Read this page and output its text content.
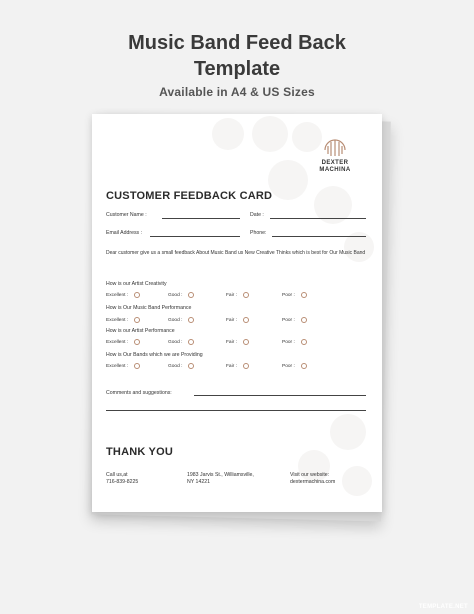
Music Band Feed Back
Template
Available in A4 & US Sizes
DEXTER
MACHINA
CUSTOMER FEEDBACK CARD
Customer Name :	Date :
Email Address :	Phone:
Dear customer give us a small feedback About Music Band us New Creative Thinks which is best for Our Music Band
How is our Artist Creativity
Excellent :	Good :	Fair :	Poor :
How is Our Music Band Performance
Excellent :	Good :	Fair :	Poor :
How is our Artist Performance
Excellent :	Good :	Fair :	Poor :
How is Our Bands which we are Providing
Excellent :	Good :	Fair :	Poor :
Comments and suggestions:
THANK YOU
Call us,at
716-839-8225
1983 Jarvis St., Williamsville,
NY 14221
Visit our website:
dextermachina.com
TEMPLATE.NET
